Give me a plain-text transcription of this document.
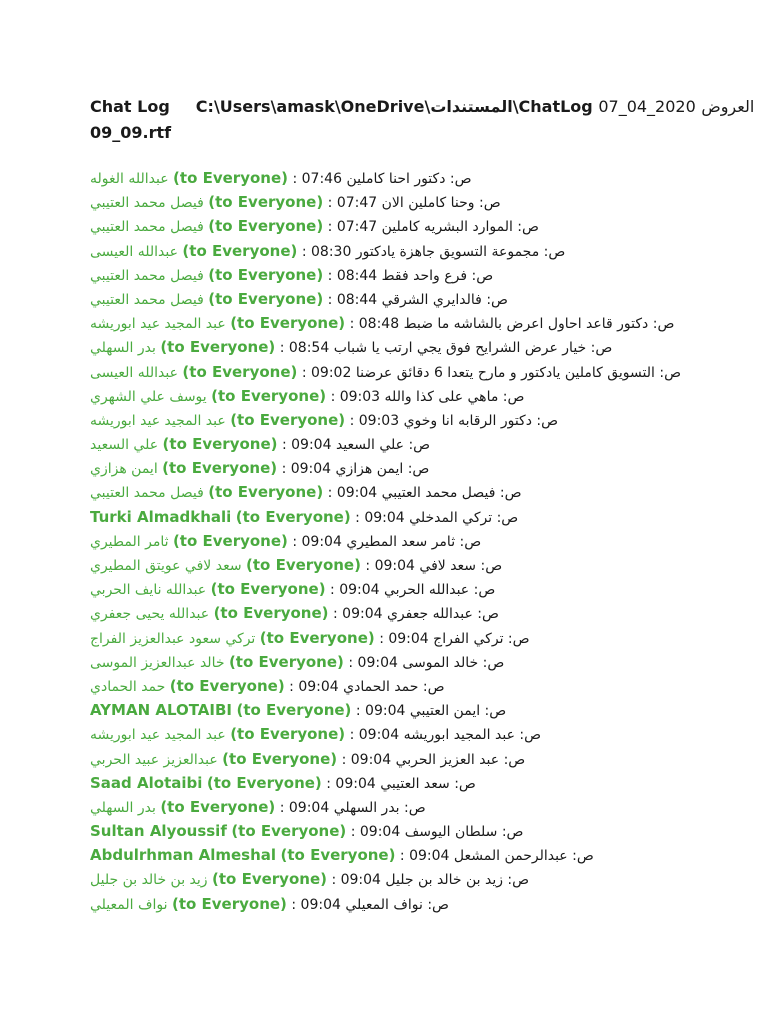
Chat Log C:\Users\amask\OneDrive\المستندات\ChatLog 07_04_2020 العروض
09_09.rtf
عبدالله الغوله (to Everyone) : 07:46 ص: دكتور احنا كاملين
فيصل محمد العتيبي (to Everyone) : 07:47 ص: وحنا كاملين الان
فيصل محمد العتيبي (to Everyone) : 07:47 ص: الموارد البشريه كاملين
عبدالله العيسى (to Everyone) : 08:30 ص: مجموعة التسويق جاهزة يادكتور
فيصل محمد العتيبي (to Everyone) : 08:44 ص: فرع واحد فقط
فيصل محمد العتيبي (to Everyone) : 08:44 ص: فالدايري الشرقي
عبد المجيد عيد ابوريشه (to Everyone) : 08:48 ص: دكتور قاعد احاول اعرض بالشاشه ما ضبط
بدر السهلي (to Everyone) : 08:54 ص: خيار عرض الشرايح فوق يجي ارتب يا شباب
عبدالله العيسى (to Everyone) : 09:02 ص: التسويق كاملين يادكتور و مارح يتعدا 6 دقائق عرضنا
يوسف علي الشهري (to Everyone) : 09:03 ص: ماهي على كذا والله
عبد المجيد عيد ابوريشه (to Everyone) : 09:03 ص: دكتور الرقابه انا وخوي
علي السعيد (to Everyone) : 09:04 ص: علي السعيد
ايمن هزازي (to Everyone) : 09:04 ص: ايمن هزازي
فيصل محمد العتيبي (to Everyone) : 09:04 ص: فيصل محمد العتيبي
Turki Almadkhali (to Everyone) : 09:04 ص: تركي المدخلي
ثامر المطيري (to Everyone) : 09:04 ص: ثامر سعد المطيري
سعد لافي عويتق المطيري (to Everyone) : 09:04 ص: سعد لافي
عبدالله نايف الحربي (to Everyone) : 09:04 ص: عبدالله الحربي
عبدالله يحيى جعفري (to Everyone) : 09:04 ص: عبدالله جعفري
تركي سعود عبدالعزيز الفراج (to Everyone) : 09:04 ص: تركي الفراج
خالد عبدالعزيز الموسى (to Everyone) : 09:04 ص: خالد الموسى
حمد الحمادي (to Everyone) : 09:04 ص: حمد الحمادي
AYMAN ALOTAIBI (to Everyone) : 09:04 ص: ايمن العتيبي
عبد المجيد عيد ابوريشه (to Everyone) : 09:04 ص: عبد المجيد ابوريشه
عبدالعزيز عبيد الحربي (to Everyone) : 09:04 ص: عبد العزيز الحربي
Saad Alotaibi (to Everyone) : 09:04 ص: سعد العتيبي
بدر السهلي (to Everyone) : 09:04 ص: بدر السهلي
Sultan Alyoussif (to Everyone) : 09:04 ص: سلطان اليوسف
Abdulrhman Almeshal (to Everyone) : 09:04 ص: عبدالرحمن المشعل
زيد بن خالد بن جليل (to Everyone) : 09:04 ص: زيد بن خالد بن جليل
نواف المعيلي (to Everyone) : 09:04 ص: نواف المعيلي
